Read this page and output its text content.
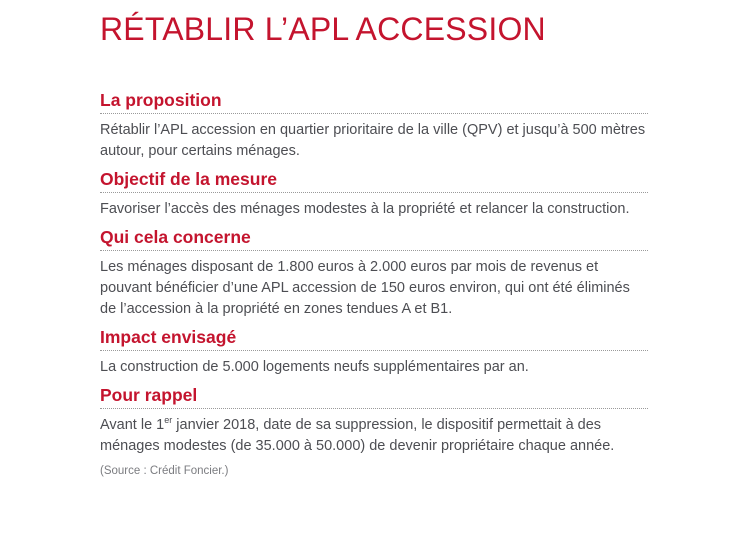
RÉTABLIR L’APL ACCESSION
La proposition

Rétablir l’APL accession en quartier prioritaire de la ville (QPV) et jusqu’à 500 mètres autour, pour certains ménages.

Objectif de la mesure

Favoriser l’accès des ménages modestes à la propriété et relancer la construction.

Qui cela concerne

Les ménages disposant de 1.800 euros à 2.000 euros par mois de revenus et pouvant bénéficier d’une APL accession de 150 euros environ, qui ont été éliminés de l’accession à la propriété en zones tendues A et B1.

Impact envisagé

La construction de 5.000 logements neufs supplémentaires par an.

Pour rappel

Avant le 1er janvier 2018, date de sa suppression, le dispositif permettait à des ménages modestes (de 35.000 à 50.000) de devenir propriétaire chaque année.

(Source : Crédit Foncier.)
